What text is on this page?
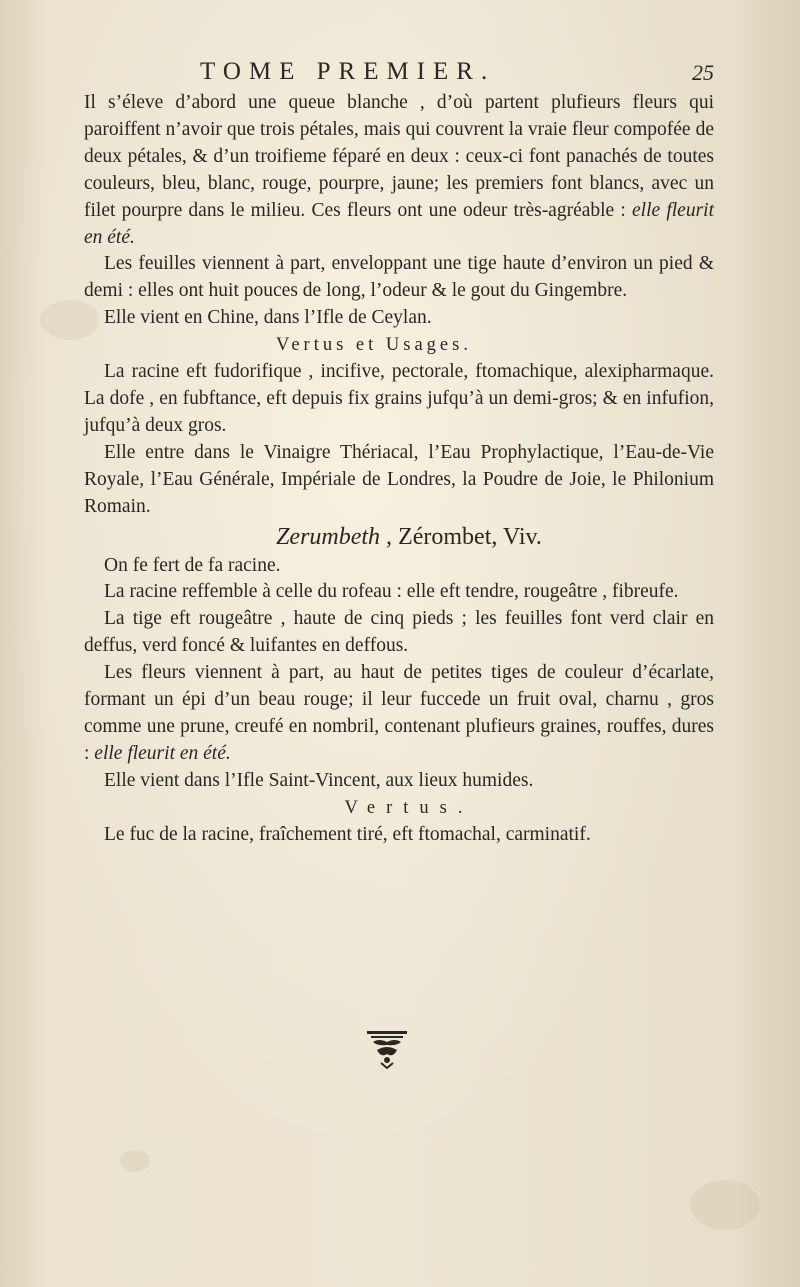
TOME PREMIER.	25

Il s’éleve d’abord une queue blanche , d’où partent plufieurs fleurs qui paroiffent n’avoir que trois pétales, mais qui couvrent la vraie fleur compofée de deux pétales, & d’un troifieme féparé en deux : ceux-ci font panachés de toutes couleurs, bleu, blanc, rouge, pourpre, jaune; les premiers font blancs, avec un filet pourpre dans le milieu. Ces fleurs ont une odeur très-agréable : elle fleurit en été.

Les feuilles viennent à part, enveloppant une tige haute d’environ un pied & demi : elles ont huit pouces de long, l’odeur & le gout du Gingembre.

Elle vient en Chine, dans l’Ifle de Ceylan.

Vertus et Usages.

La racine eft fudorifique , incifive, pectorale, ftomachique, alexipharmaque. La dofe , en fubftance, eft depuis fix grains jufqu’à un demi-gros; & en infufion, jufqu’à deux gros.

Elle entre dans le Vinaigre Thériacal, l’Eau Prophylactique, l’Eau-de-Vie Royale, l’Eau Générale, Impériale de Londres, la Poudre de Joie, le Philonium Romain.

Zerumbeth , Zérombet, Viv.

On fe fert de fa racine.

La racine reffemble à celle du rofeau : elle eft tendre, rougeâtre , fibreufe.

La tige eft rougeâtre , haute de cinq pieds ; les feuilles font verd clair en deffus, verd foncé & luifantes en deffous.

Les fleurs viennent à part, au haut de petites tiges de couleur d’écarlate, formant un épi d’un beau rouge; il leur fuccede un fruit oval, charnu , gros comme une prune, creufé en nombril, contenant plufieurs graines, rouffes, dures : elle fleurit en été.

Elle vient dans l’Ifle Saint-Vincent, aux lieux humides.

Vertus.

Le fuc de la racine, fraîchement tiré, eft ftomachal, carminatif.
